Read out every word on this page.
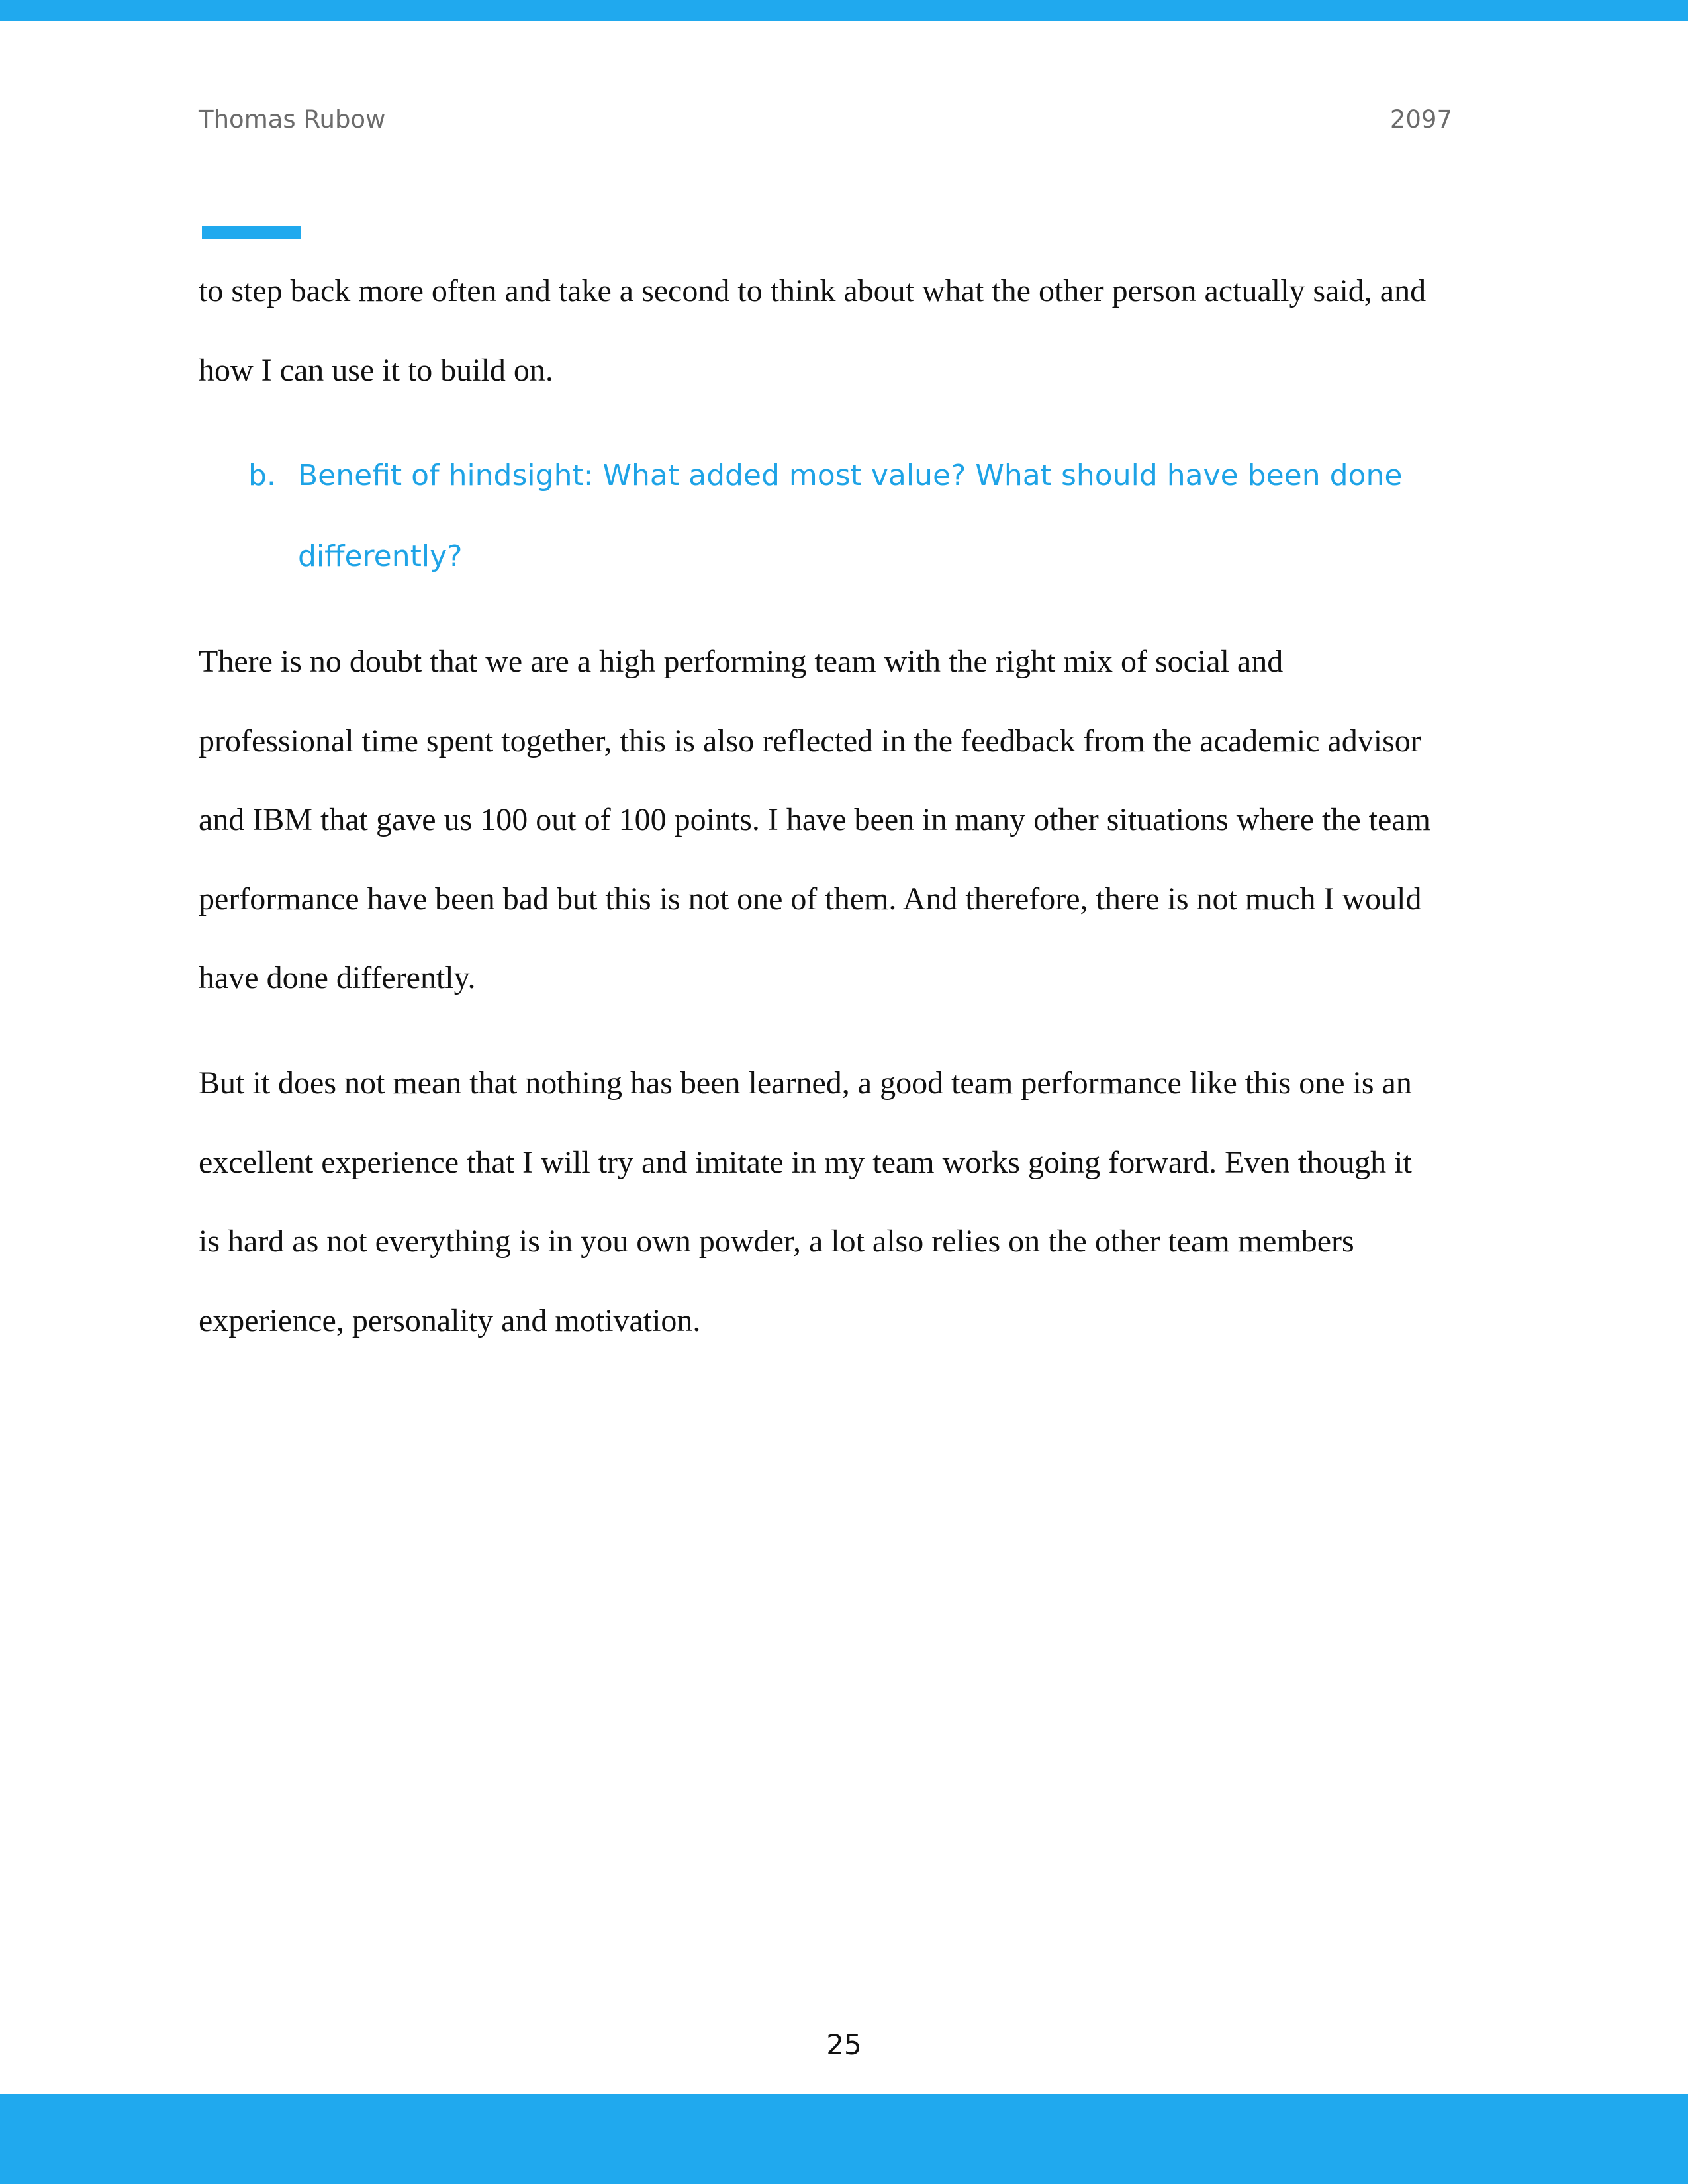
Thomas Rubow	2097

to step back more often and take a second to think about what the other person actually said, and
how I can use it to build on.

b. Benefit of hindsight: What added most value? What should have been done
differently?

There is no doubt that we are a high performing team with the right mix of social and
professional time spent together, this is also reflected in the feedback from the academic advisor
and IBM that gave us 100 out of 100 points. I have been in many other situations where the team
performance have been bad but this is not one of them. And therefore, there is not much I would
have done differently.

But it does not mean that nothing has been learned, a good team performance like this one is an
excellent experience that I will try and imitate in my team works going forward. Even though it
is hard as not everything is in you own powder, a lot also relies on the other team members
experience, personality and motivation.

25
